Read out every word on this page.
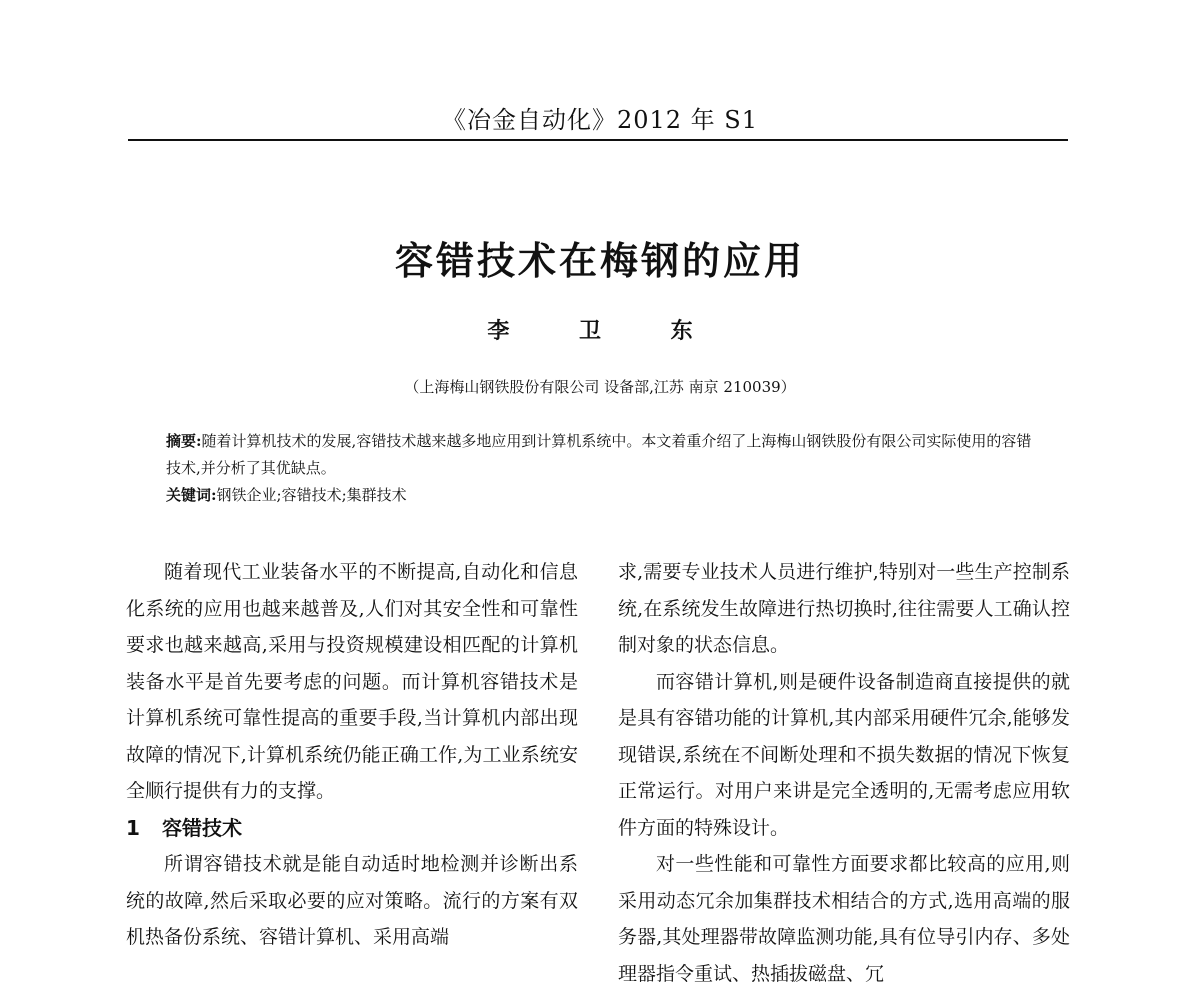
《冶金自动化》2012 年 S1
容错技术在梅钢的应用
李 卫 东
（上海梅山钢铁股份有限公司 设备部,江苏 南京 210039）
摘要:随着计算机技术的发展,容错技术越来越多地应用到计算机系统中。本文着重介绍了上海梅山钢铁股份有限公司实际使用的容错技术,并分析了其优缺点。
关键词:钢铁企业;容错技术;集群技术

随着现代工业装备水平的不断提高,自动化和信息化系统的应用也越来越普及,人们对其安全性和可靠性要求也越来越高,采用与投资规模建设相匹配的计算机装备水平是首先要考虑的问题。而计算机容错技术是计算机系统可靠性提高的重要手段,当计算机内部出现故障的情况下,计算机系统仍能正确工作,为工业系统安全顺行提供有力的支撑。

1 容错技术

所谓容错技术就是能自动适时地检测并诊断出系统的故障,然后采取必要的应对策略。流行的方案有双机热备份系统、容错计算机、采用高端

求,需要专业技术人员进行维护,特别对一些生产控制系统,在系统发生故障进行热切换时,往往需要人工确认控制对象的状态信息。

而容错计算机,则是硬件设备制造商直接提供的就是具有容错功能的计算机,其内部采用硬件冗余,能够发现错误,系统在不间断处理和不损失数据的情况下恢复正常运行。对用户来讲是完全透明的,无需考虑应用软件方面的特殊设计。

对一些性能和可靠性方面要求都比较高的应用,则采用动态冗余加集群技术相结合的方式,选用高端的服务器,其处理器带故障监测功能,具有位导引内存、多处理器指令重试、热插拔磁盘、冗
